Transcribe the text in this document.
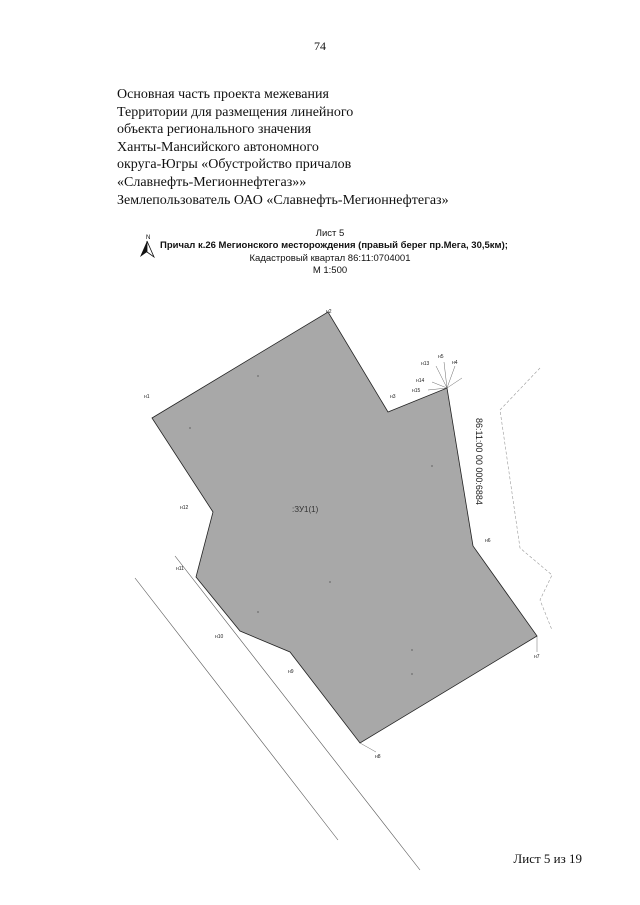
74
Основная часть проекта межевания
Территории для размещения линейного
объекта регионального значения
Ханты-Мансийского автономного
округа-Югры «Обустройство причалов
«Славнефть-Мегионнефтегаз»»
Землепользователь ОАО «Славнефть-Мегионнефтегаз»
Лист 5
Причал к.26 Мегионского месторождения (правый берег пр.Мега, 30,5км);
Кадастровый квартал 86:11:0704001
М 1:500
N
:ЗУ1(1)
86:11:00 00 000:6884
н1
н2
н3
н4
н5
н6
н7
н8
н9
н10
н11
н12
н13
н14
н15
Лист 5 из 19
